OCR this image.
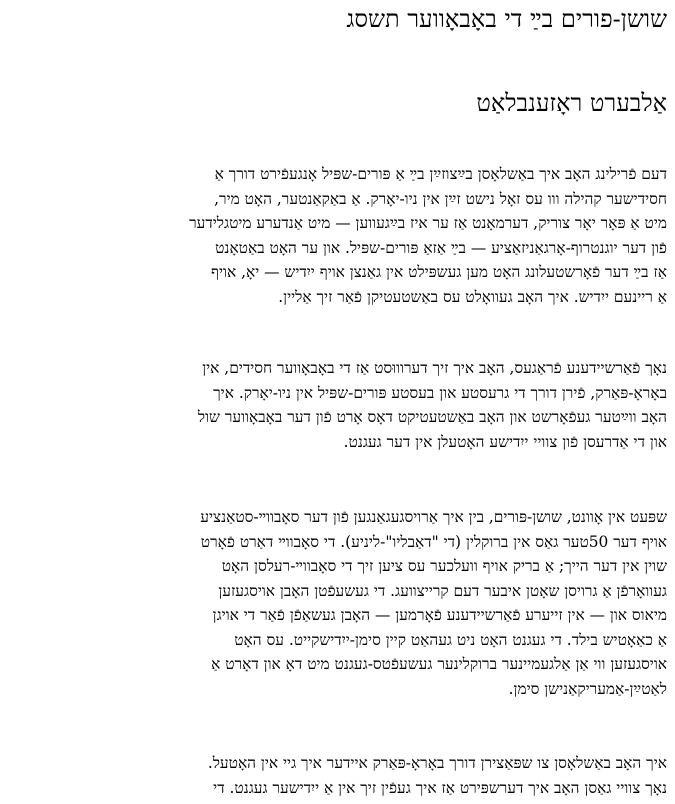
שושן-פורים בײַ די באָבאָווער תשסג
אַלבערט ראָזענבלאַט

דעם פֿרילינג האָב איך באַשלאָסן בײַצוזײַן בײַ אַ פּורים-שפּיל אָנגעפֿירט דורך אַ
חסידישער קהילה ווו עס זאָל נישט זײַן אין ניו-יאָרק. אַ באַקאַנטער, האָט מיר,
מיט אַ פּאָר יאָר צוריק, דערמאָנט אַז ער איז בײַגעווען — מיט אַנדערע מיטגלידער
פֿון דער יוגנטרוף-אָרגאַניזאַציע — בײַ אַזאַ פּורים-שפּיל. און ער האָט באַטאָנט
אַז בײַ דער פֿאָרשטעלונג האָט מען געשפּילט אין גאַנצן אויף ייִדיש — יאָ, אויף
אַ ריינעם ייִדיש. איך האָב געוואָלט עס באַשטעטיקן פֿאַר זיך אַליין.

נאָך פֿאַרשיידענע פֿראַגעס, האָב איך זיך דערוווּסט אַז די באָבאָווער חסידים, אין
באָראָ-פּאַרק, פֿירן דורך די גרעסטע און בעסטע פּורים-שפּיל אין ניו-יאָרק. איך
האָב ווײַטער געפֿאָרשט און האָב באַשטעטיקט דאָס אָרט פֿון דער באָבאָווער שול
און די אַדרעסן פֿון צוויי ייִדישע האָטעלן אין דער געגנט.

שפּעט אין אָוונט, שושן-פּורים, בין איך אַרויסגעגאַנגען פֿון דער סאָבווײ-סטאַנציע
אויף דער 50טער גאַס אין ברוקלין (די "דאַבליו"-ליניע). די סאָבווײ דאַרט פֿאָרט
שוין אין דער הייך; אַ בריק אויף וועלכער עס ציען זיך די סאָבווײ-רעלסן האָט
געוואָרפֿן אַ גרויסן שאָטן איבער דעם קרייצוועג. די געשעפֿטן האָבן אויסגעזען
מיאוס און — אין זייערע פֿאַרשיידענע פֿאָרמען — האָבן געשאַפֿן פֿאַר די אויגן
אַ כאַאָטיש בילד. די געגנט האָט ניט געהאַט קיין סימן-ייִדישקייט. עס האָט
אויסגעזען ווי אַן אַלגעמיינער ברוקלינער געשעפֿטס-געגנט מיט דאָ און דאָרט אַ
לאַטײַן-אַמעריקאַנישן סימן.

איך האָב באַשלאָסן צו שפּאַצירן דורך באָראָ-פּאַרק איידער איך גיי אין האָטעל.
נאָך צוויי גאַסן האָב איך דערשפּירט אַז איך געפֿין זיך אין אַ ייִדישער געגנט. די
